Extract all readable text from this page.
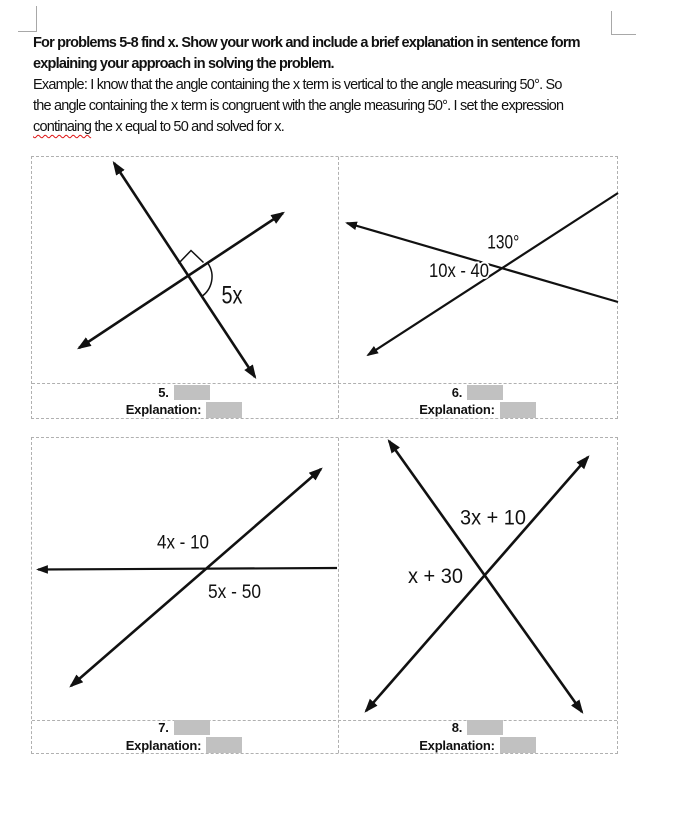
For problems 5-8 find x. Show your work and include a brief explanation in sentence form
explaining your approach in solving the problem.
Example: I know that the angle containing the x term is vertical to the angle measuring 50°. So
the angle containing the x term is congruent with the angle measuring 50°. I set the expression
continaing the x equal to 50 and solved for x.
5x
130°
10x - 40
4x - 10
5x - 50
3x + 10
x + 30
5.
Explanation:
6.
Explanation:
7.
Explanation:
8.
Explanation:
